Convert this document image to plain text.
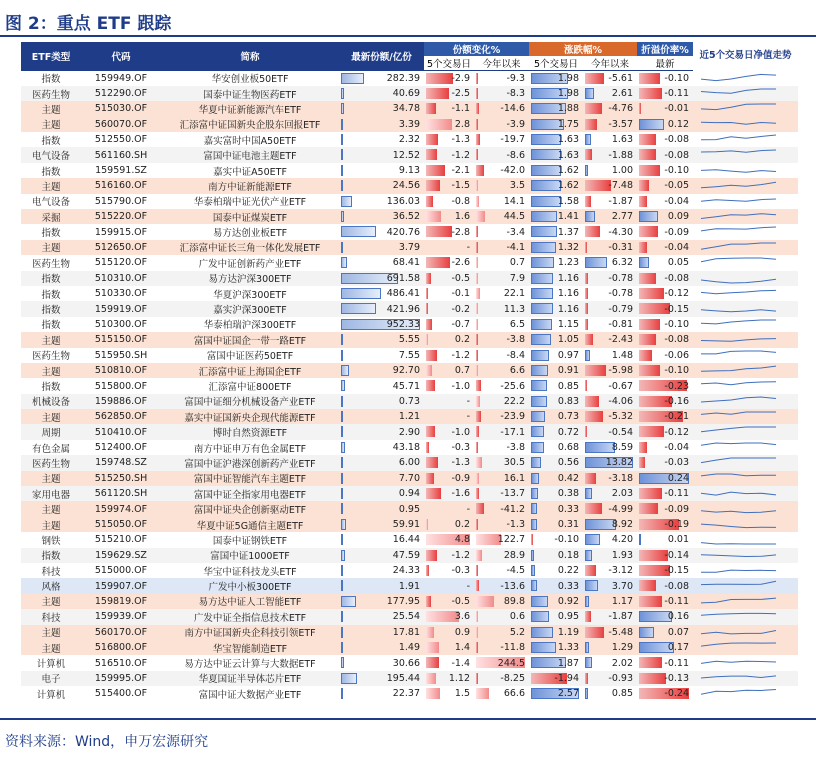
图 2：重点 ETF 跟踪
ETF类型	代码	简称	最新份额/亿份	份额变化%		涨跌幅%		折溢价率%	近5个交易日净值走势
				5个交易日	今年以来	5个交易日	今年以来	最新	
指数	159949.OF	华安创业板50ETF	282.39	-2.9	-9.3	1.98	-5.61	-0.10	

医药生物	512290.OF	国泰中证生物医药ETF	40.69	-2.5	-8.3	1.98	2.61	-0.11	

主题	515030.OF	华夏中证新能源汽车ETF	34.78	-1.1	-14.6	1.88	-4.76	-0.01	

主题	560070.OF	汇添富中证国新央企股东回报ETF	3.39	2.8	-3.9	1.75	-3.57	0.12	

指数	512550.OF	嘉实富时中国A50ETF	2.32	-1.3	-19.7	1.63	1.63	-0.08	

电气设备	561160.SH	富国中证电池主题ETF	12.52	-1.2	-8.6	1.63	-1.88	-0.08	

指数	159591.SZ	嘉实中证A50ETF	9.13	-2.1	-42.0	1.62	1.00	-0.10	

主题	516160.OF	南方中证新能源ETF	24.56	-1.5	3.5	1.62	-7.48	-0.05	

电气设备	515790.OF	华泰柏瑞中证光伏产业ETF	136.03	-0.8	14.1	1.58	-1.87	-0.04	

采掘	515220.OF	国泰中证煤炭ETF	36.52	1.6	44.5	1.41	2.77	0.09	

指数	159915.OF	易方达创业板ETF	420.76	-2.8	-3.4	1.37	-4.30	-0.09	

主题	512650.OF	汇添富中证长三角一体化发展ETF	3.79	-	-4.1	1.32	-0.31	-0.04	

医药生物	515120.OF	广发中证创新药产业ETF	68.41	-2.6	0.7	1.23	6.32	0.05	

指数	510310.OF	易方达沪深300ETF	691.58	-0.5	7.9	1.16	-0.78	-0.08	

指数	510330.OF	华夏沪深300ETF	486.41	-0.1	22.1	1.16	-0.78	-0.12	

指数	159919.OF	嘉实沪深300ETF	421.96	-0.2	11.3	1.16	-0.79	-0.15	

指数	510300.OF	华泰柏瑞沪深300ETF	952.33	-0.7	6.5	1.15	-0.81	-0.10	

主题	515150.OF	富国中证国企一带一路ETF	5.55	0.2	-3.8	1.05	-2.43	-0.08	

医药生物	515950.SH	富国中证医药50ETF	7.55	-1.2	-8.4	0.97	1.48	-0.06	

主题	510810.OF	汇添富中证上海国企ETF	92.70	0.7	6.6	0.91	-5.98	-0.10	

指数	515800.OF	汇添富中证800ETF	45.71	-1.0	-25.6	0.85	-0.67	-0.23	

机械设备	159886.OF	富国中证细分机械设备产业ETF	0.73	-	22.2	0.83	-4.06	-0.16	

主题	562850.OF	嘉实中证国新央企现代能源ETF	1.21	-	-23.9	0.73	-5.32	-0.21	

周期	510410.OF	博时自然资源ETF	2.90	-1.0	-17.1	0.72	-0.54	-0.12	

有色金属	512400.OF	南方中证申万有色金属ETF	43.18	-0.3	-3.8	0.68	8.59	-0.04	

医药生物	159748.SZ	富国中证沪港深创新药产业ETF	6.00	-1.3	30.5	0.56	13.82	-0.03	

主题	515250.SH	富国中证智能汽车主题ETF	7.70	-0.9	16.1	0.42	-3.18	0.24	

家用电器	561120.SH	富国中证全指家用电器ETF	0.94	-1.6	-13.7	0.38	2.03	-0.11	

主题	159974.OF	富国中证央企创新驱动ETF	0.95	-	-41.2	0.33	-4.99	-0.09	

主题	515050.OF	华夏中证5G通信主题ETF	59.91	0.2	-1.3	0.31	8.92	-0.19	

钢铁	515210.OF	国泰中证钢铁ETF	16.44	4.8	122.7	-0.10	4.20	0.01	

指数	159629.SZ	富国中证1000ETF	47.59	-1.2	28.9	0.18	1.93	-0.14	

科技	515000.OF	华宝中证科技龙头ETF	24.33	-0.3	-4.5	0.22	-3.12	-0.15	

风格	159907.OF	广发中小板300ETF	1.91	-	-13.6	0.33	3.70	-0.08	

主题	159819.OF	易方达中证人工智能ETF	177.95	-0.5	89.8	0.92	1.17	-0.11	

科技	159939.OF	广发中证全指信息技术ETF	25.54	3.6	0.6	0.95	-1.87	0.16	

主题	560170.OF	南方中证国新央企科技引领ETF	17.81	0.9	5.2	1.19	-5.48	0.07	

主题	516800.OF	华宝智能制造ETF	1.49	1.4	-11.8	1.33	1.29	0.17	

计算机	516510.OF	易方达中证云计算与大数据ETF	30.66	-1.4	244.5	1.87	2.02	-0.11	

电子	159995.OF	华夏国证半导体芯片ETF	195.44	1.12	-8.25	-1.94	-0.93	-0.13	

计算机	515400.OF	富国中证大数据产业ETF	22.37	1.5	66.6	2.57	0.85	-0.24	
资料来源：Wind，申万宏源研究
